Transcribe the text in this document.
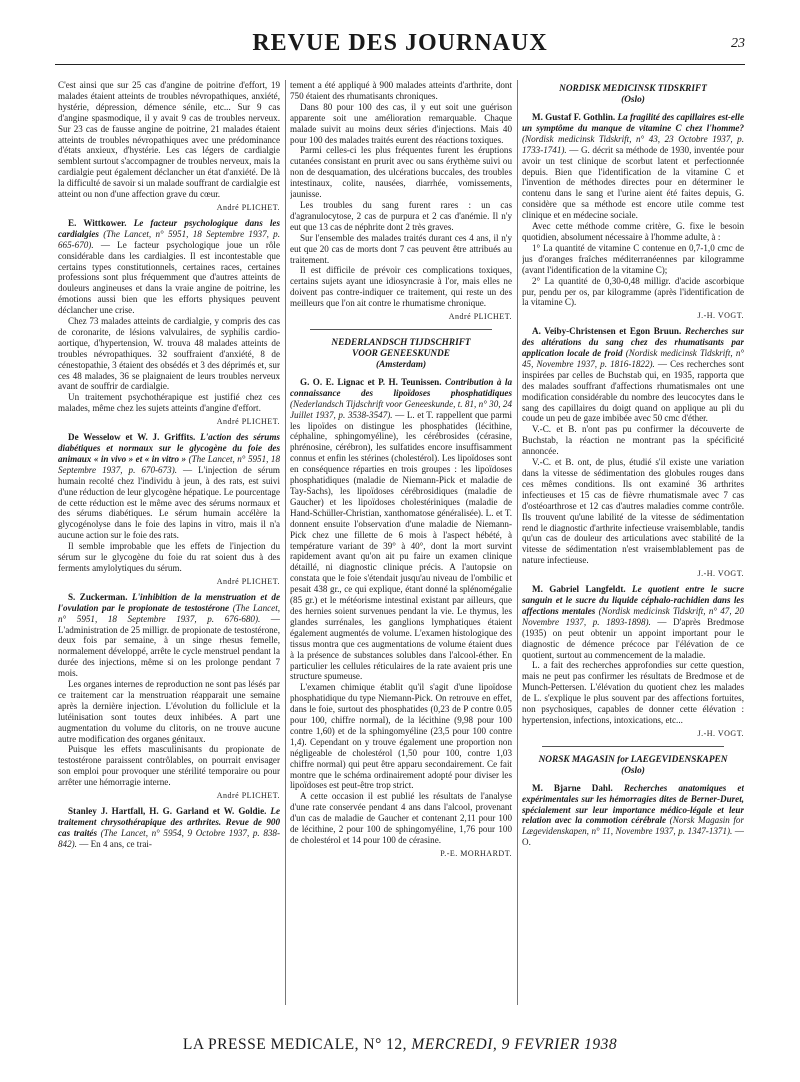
REVUE DES JOURNAUX	23

C'est ainsi que sur 25 cas d'angine de poitrine d'effort, 19 malades étaient atteints de troubles névropathiques, anxiété, hystérie, dépression, démence sénile, etc... Sur 9 cas d'angine spasmodique, il y avait 9 cas de troubles nerveux. Sur 23 cas de fausse angine de poitrine, 21 malades étaient atteints de troubles névropathiques avec une prédominance d'états anxieux, d'hystérie. Les cas légers de cardialgie semblent surtout s'accompagner de troubles nerveux, mais la cardialgie peut également déclancher un état d'anxiété. De là la difficulté de savoir si un malade souffrant de cardialgie est atteint ou non d'une affection grave du cœur.

André PLICHET.

E. Wittkower. Le facteur psychologique dans les cardialgies (The Lancet, n° 5951, 18 Septembre 1937, p. 665-670). — Le facteur psychologique joue un rôle considérable dans les cardialgies. Il est incontestable que certains types constitutionnels, certaines races, certaines professions sont plus fréquemment que d'autres atteints de douleurs angineuses et dans la vraie angine de poitrine, les émotions aussi bien que les efforts physiques peuvent déclancher une crise.

Chez 73 malades atteints de cardialgie, y compris des cas de coronarite, de lésions valvulaires, de syphilis cardio-aortique, d'hypertension, W. trouva 48 malades atteints de troubles névropathiques. 32 souffraient d'anxiété, 8 de cénestopathie, 3 étaient des obsédés et 3 des déprimés et, sur ces 48 malades, 36 se plaignaient de leurs troubles nerveux avant de souffrir de cardialgie.

Un traitement psychothérapique est justifié chez ces malades, même chez les sujets atteints d'angine d'effort.

André PLICHET.

De Wesselow et W. J. Griffits. L'action des sérums diabétiques et normaux sur le glycogène du foie des animaux « in vivo » et « in vitro » (The Lancet, n° 5951, 18 Septembre 1937, p. 670-673). — L'injection de sérum humain recolté chez l'individu à jeun, à des rats, est suivi d'une réduction de leur glycogène hépatique. Le pourcentage de cette réduction est le même avec des sérums normaux et des sérums diabétiques. Le sérum humain accélère la glycogénolyse dans le foie des lapins in vitro, mais il n'a aucune action sur le foie des rats.

Il semble improbable que les effets de l'injection du sérum sur le glycogène du foie du rat soient dus à des ferments amylolytiques du sérum.

André PLICHET.

S. Zuckerman. L'inhibition de la menstruation et de l'ovulation par le propionate de testostérone (The Lancet, n° 5951, 18 Septembre 1937, p. 676-680). — L'administration de 25 milligr. de propionate de testostérone, deux fois par semaine, à un singe rhesus femelle, normalement développé, arrête le cycle menstruel pendant la durée des injections, même si on les prolonge pendant 7 mois.

Les organes internes de reproduction ne sont pas lésés par ce traitement car la menstruation réapparait une semaine après la dernière injection. L'évolution du folliclule et la lutéinisation sont toutes deux inhibées. A part une augmentation du volume du clitoris, on ne trouve aucune autre modification des organes génitaux.

Puisque les effets masculinisants du propionate de testostérone paraissent contrôlables, on pourrait envisager son emploi pour provoquer une stérilité temporaire ou pour arrêter une hémorragie interne.

André PLICHET.

Stanley J. Hartfall, H. G. Garland et W. Goldie. Le traitement chrysothérapique des arthrites. Revue de 900 cas traités (The Lancet, n° 5954, 9 Octobre 1937, p. 838-842). — En 4 ans, ce trai-

tement a été appliqué à 900 malades atteints d'arthrite, dont 750 étaient des rhumatisants chroniques.

Dans 80 pour 100 des cas, il y eut soit une guérison apparente soit une amélioration remarquable. Chaque malade suivit au moins deux séries d'injections. Mais 40 pour 100 des malades traités eurent des réactions toxiques.

Parmi celles-ci les plus fréquentes furent les éruptions cutanées consistant en prurit avec ou sans érythème suivi ou non de desquamation, des ulcérations buccales, des troubles intestinaux, colite, nausées, diarrhée, vomissements, jaunisse.

Les troubles du sang furent rares : un cas d'agranulocytose, 2 cas de purpura et 2 cas d'anémie. Il n'y eut que 13 cas de néphrite dont 2 très graves.

Sur l'ensemble des malades traités durant ces 4 ans, il n'y eut que 20 cas de morts dont 7 cas peuvent être attribués au traitement.

Il est difficile de prévoir ces complications toxiques, certains sujets ayant une idiosyncrasie à l'or, mais elles ne doivent pas contre-indiquer ce traitement, qui reste un des meilleurs que l'on ait contre le rhumatisme chronique.

André PLICHET.
NEDERLANDSCH TIJDSCHRIFT
VOOR GENEESKUNDE
(Amsterdam)

G. O. E. Lignac et P. H. Teunissen. Contribution à la connaissance des lipoïdoses phosphatidiques (Nederlandsch Tijdschrift voor Geneeskunde, t. 81, n° 30, 24 Juillet 1937, p. 3538-3547). — L. et T. rappellent que parmi les lipoïdes on distingue les phosphatides (lécithine, céphaline, sphingomyéline), les cérébrosides (cérasine, phrénosine, cérébron), les sulfatides encore insuffisamment connus et enfin les stérines (cholestérol). Les lipoïdoses sont en conséquence réparties en trois groupes : les lipoïdoses phosphatidiques (maladie de Niemann-Pick et maladie de Tay-Sachs), les lipoïdoses cérébrosidiques (maladie de Gaucher) et les lipoïdoses cholestériniques (maladie de Hand-Schüller-Christian, xanthomatose généralisée). L. et T. donnent ensuite l'observation d'une maladie de Niemann-Pick chez une fillette de 6 mois à l'aspect hébété, à température variant de 39° à 40°, dont la mort survint rapidement avant qu'on ait pu faire un examen clinique détaillé, ni diagnostic clinique précis. A l'autopsie on constata que le foie s'étendait jusqu'au niveau de l'ombilic et pesait 438 gr., ce qui explique, étant donné la splénomégalie (85 gr.) et le météorisme intestinal existant par ailleurs, que des hernies soient survenues pendant la vie. Le thymus, les glandes surrénales, les ganglions lymphatiques étaient également augmentés de volume. L'examen histologique des tissus montra que ces augmentations de volume étaient dues à la présence de substances solubles dans l'alcool-éther. En particulier les cellules réticulaires de la rate avaient pris une structure spumeuse.

L'examen chimique établit qu'il s'agit d'une lipoïdose phosphatidique du type Niemann-Pick. On retrouve en effet, dans le foie, surtout des phosphatides (0,23 de P contre 0.05 pour 100, chiffre normal), de la lécithine (9,98 pour 100 contre 1,60) et de la sphingomyéline (23,5 pour 100 contre 1,4). Cependant on y trouve également une proportion non négligeable de cholestérol (1,50 pour 100, contre 1,03 chiffre normal) qui peut être apparu secondairement. Ce fait montre que le schéma ordinairement adopté pour diviser les lipoïdoses est peut-être trop strict.

A cette occasion il est publié les résultats de l'analyse d'une rate conservée pendant 4 ans dans l'alcool, provenant d'un cas de maladie de Gaucher et contenant 2,11 pour 100 de lécithine, 2 pour 100 de sphingomyéline, 1,76 pour 100 de cholestérol et 14 pour 100 de cérasine.

P.-E. MORHARDT.
NORDISK MEDICINSK TIDSKRIFT
(Oslo)

M. Gustaf F. Gothlin. La fragilité des capillaires est-elle un symptôme du manque de vitamine C chez l'homme? (Nordisk medicinsk Tidskrift, n° 43, 23 Octobre 1937, p. 1733-1741). — G. décrit sa méthode de 1930, inventée pour avoir un test clinique de scorbut latent et perfectionnée depuis. Bien que l'identification de la vitamine C et l'invention de méthodes directes pour en déterminer le contenu dans le sang et l'urine aient été faites depuis, G. considère que sa méthode est encore utile comme test clinique et en médecine sociale.

Avec cette méthode comme critère, G. fixe le besoin quotidien, absolument nécessaire à l'homme adulte, à :

1° La quantité de vitamine C contenue en 0,7-1,0 cmc de jus d'oranges fraîches méditerranéennes par kilogramme (avant l'identification de la vitamine C);

2° La quantité de 0,30-0,48 milligr. d'acide ascorbique pur, pendu per os, par kilogramme (après l'identification de la vitamine C).

J.-H. VOGT.

A. Veiby-Christensen et Egon Bruun. Recherches sur des altérations du sang chez des rhumatisants par application locale de froid (Nordisk medicinsk Tidskrift, n° 45, Novembre 1937, p. 1816-1822). — Ces recherches sont inspirées par celles de Buchstab qui, en 1935, rapporta que des malades souffrant d'affections rhumatismales ont une modification considérable du nombre des leucocytes dans le sang des capillaires du doigt quand on applique au pli du coude un peu de gaze imbibée avec 50 cmc d'éther.

V.-C. et B. n'ont pas pu confirmer la découverte de Buchstab, la réaction ne montrant pas la spécificité annoncée.

V.-C. et B. ont, de plus, étudié s'il existe une variation dans la vitesse de sédimentation des globules rouges dans ces mêmes conditions. Ils ont examiné 36 arthrites infectieuses et 15 cas de fièvre rhumatismale avec 7 cas d'ostéoarthrose et 12 cas d'autres maladies comme contrôle. Ils trouvent qu'une labilité de la vitesse de sédimentation rend le diagnostic d'arthrite infectieuse vraisemblable, tandis qu'un cas de douleur des articulations avec stabilité de la vitesse de sédimentation n'est vraisemblablement pas de nature infectieuse.

J.-H. VOGT.

M. Gabriel Langfeldt. Le quotient entre le sucre sanguin et le sucre du liquide céphalo-rachidien dans les affections mentales (Nordisk medicinsk Tidskrift, n° 47, 20 Novembre 1937, p. 1893-1898). — D'après Bredmose (1935) on peut obtenir un appoint important pour le diagnostic de démence précoce par l'élévation de ce quotient, surtout au commencement de la maladie.

L. a fait des recherches approfondies sur cette question, mais ne peut pas confirmer les résultats de Bredmose et de Munch-Pettersen. L'élévation du quotient chez les malades de L. s'explique le plus souvent par des affections fortuites, non psychosiques, capables de donner cette élévation : hypertension, infections, intoxications, etc...

J.-H. VOGT.
NORSK MAGASIN for LAEGEVIDENSKAPEN
(Oslo)

M. Bjarne Dahl. Recherches anatomiques et expérimentales sur les hémorragies dites de Berner-Duret, spécialement sur leur importance médico-légale et leur relation avec la commotion cérébrale (Norsk Magasin for Lægevidenskapen, n° 11, Novembre 1937, p. 1347-1371). — O.

LA PRESSE MEDICALE, N° 12, MERCREDI, 9 FEVRIER 1938
